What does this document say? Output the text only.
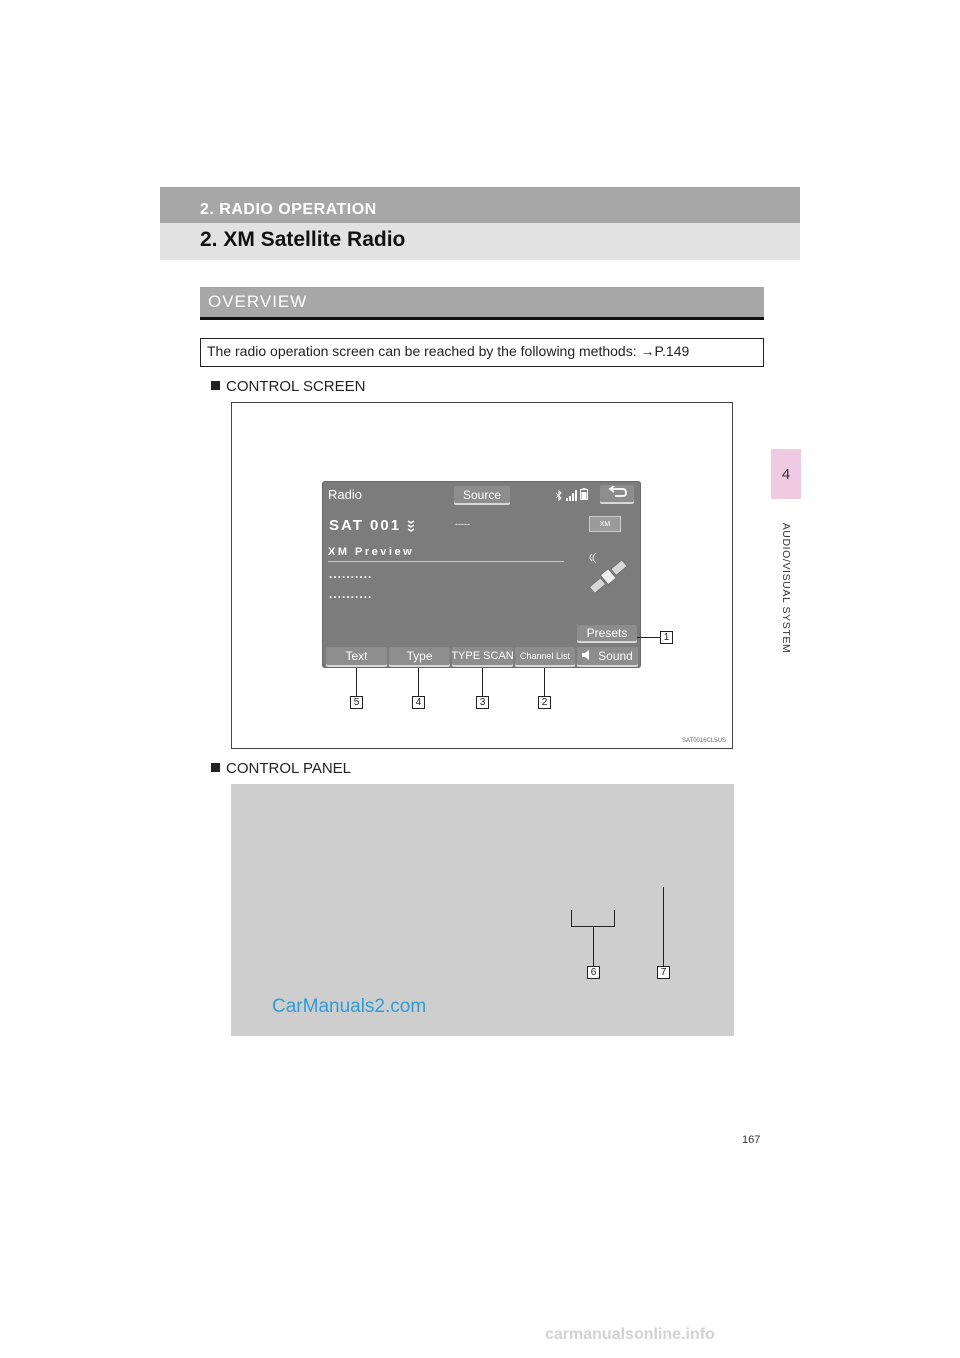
2. RADIO OPERATION
2. XM Satellite Radio
4
AUDIO/VISUAL SYSTEM
OVERVIEW
The radio operation screen can be reached by the following methods: →P.149
CONTROL SCREEN
Radio	Source
SAT 001	-----	XM
XM Preview
..........
..........
Presets
Text	Type	TYPE SCAN Channel List	Sound
1
5	4	3	2
SAT0016CL5US
CONTROL PANEL
6	7
CarManuals2.com
167
carmanualsonline.info
